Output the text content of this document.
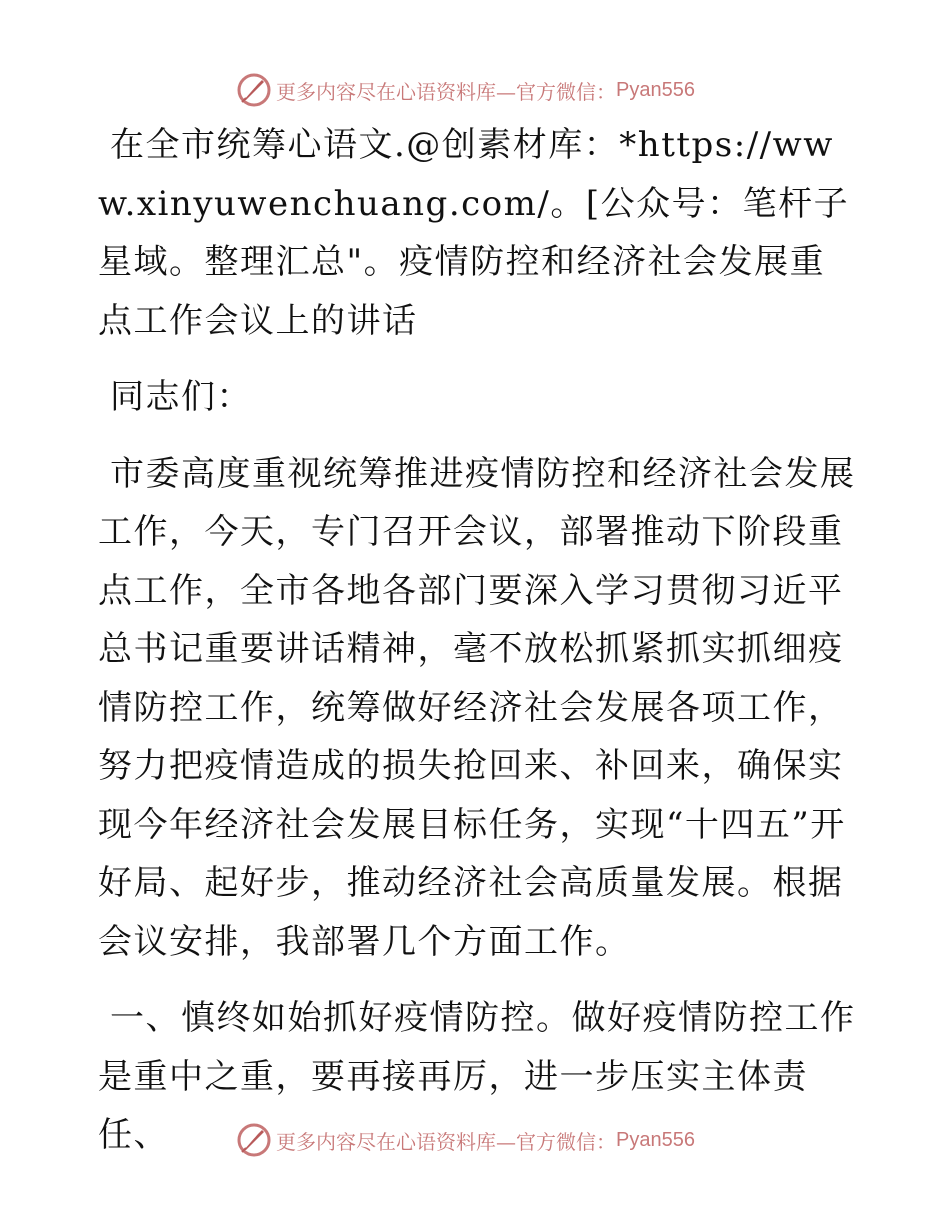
更多内容尽在心语资料库—官方微信： Pyan556

在全市统筹心语文.@创素材库：*https://www.xinyuwenchuang.com/。[公众号：笔杆子星域。整理汇总"。疫情防控和经济社会发展重点工作会议上的讲话

同志们：

市委高度重视统筹推进疫情防控和经济社会发展工作，今天，专门召开会议，部署推动下阶段重点工作，全市各地各部门要深入学习贯彻习近平总书记重要讲话精神，毫不放松抓紧抓实抓细疫情防控工作，统筹做好经济社会发展各项工作，努力把疫情造成的损失抢回来、补回来，确保实现今年经济社会发展目标任务，实现“十四五”开好局、起好步，推动经济社会高质量发展。根据会议安排，我部署几个方面工作。

一、慎终如始抓好疫情防控。做好疫情防控工作是重中之重，要再接再厉，进一步压实主体责任、	更多内容尽在心语资料库—官方微信： Pyan556
